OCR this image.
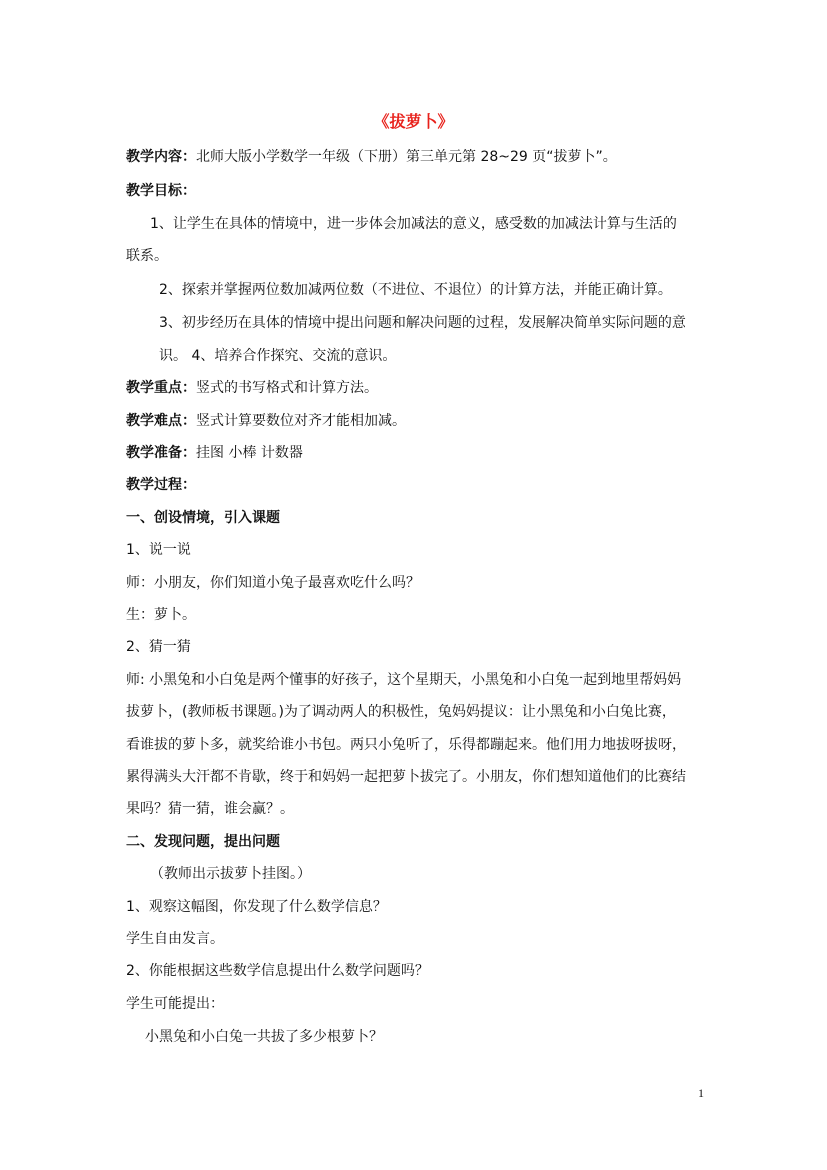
《拔萝卜》
教学内容：北师大版小学数学一年级（下册）第三单元第 28~29 页“拔萝卜”。
教学目标：
1、让学生在具体的情境中，进一步体会加减法的意义，感受数的加减法计算与生活的
联系。
2、探索并掌握两位数加减两位数（不进位、不退位）的计算方法，并能正确计算。
3、初步经历在具体的情境中提出问题和解决问题的过程，发展解决简单实际问题的意
识。 4、培养合作探究、交流的意识。
教学重点：竖式的书写格式和计算方法。
教学难点：竖式计算要数位对齐才能相加减。
教学准备：挂图 小棒 计数器
教学过程：
一、创设情境，引入课题
1、说一说
师：小朋友，你们知道小兔子最喜欢吃什么吗？
生：萝卜。
2、猜一猜
师: 小黑兔和小白兔是两个懂事的好孩子，这个星期天，小黑兔和小白兔一起到地里帮妈妈
拔萝卜，(教师板书课题。)为了调动两人的积极性，兔妈妈提议：让小黑兔和小白兔比赛，
看谁拔的萝卜多，就奖给谁小书包。两只小兔听了，乐得都蹦起来。他们用力地拔呀拔呀，
累得满头大汗都不肯歇，终于和妈妈一起把萝卜拔完了。小朋友，你们想知道他们的比赛结
果吗？猜一猜，谁会赢？。
二、发现问题，提出问题
（教师出示拔萝卜挂图。）
1、观察这幅图，你发现了什么数学信息？
学生自由发言。
2、你能根据这些数学信息提出什么数学问题吗？
学生可能提出：
小黑兔和小白兔一共拔了多少根萝卜？
1
